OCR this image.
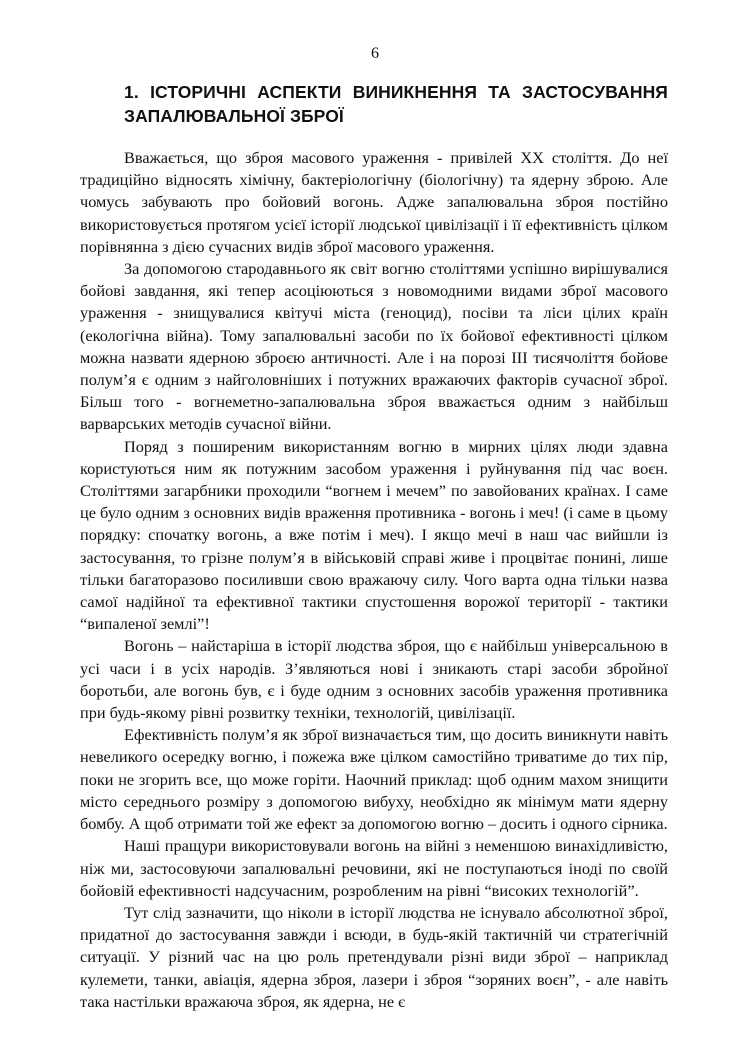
6
1. ІСТОРИЧНІ АСПЕКТИ ВИНИКНЕННЯ ТА ЗАСТОСУВАННЯ ЗАПАЛЮВАЛЬНОЇ ЗБРОЇ

Вважається, що зброя масового ураження - привілей ХХ століття. До неї традиційно відносять хімічну, бактеріологічну (біологічну) та ядерну зброю. Але чомусь забувають про бойовий вогонь. Адже запалювальна зброя постійно використовується протягом усієї історії людської цивілізації і її ефективність цілком порівнянна з дією сучасних видів зброї масового ураження.

За допомогою стародавнього як світ вогню століттями успішно вирішувалися бойові завдання, які тепер асоціюються з новомодними видами зброї масового ураження - знищувалися квітучі міста (геноцид), посіви та ліси цілих країн (екологічна війна). Тому запалювальні засоби по їх бойової ефективності цілком можна назвати ядерною зброєю античності. Але і на порозі ІІІ тисячоліття бойове полум’я є одним з найголовніших і потужних вражаючих факторів сучасної зброї. Більш того - вогнеметно-запалювальна зброя вважається одним з найбільш варварських методів сучасної війни.

Поряд з поширеним використанням вогню в мирних цілях люди здавна користуються ним як потужним засобом ураження і руйнування під час воєн. Століттями загарбники проходили “вогнем і мечем” по завойованих країнах. І саме це було одним з основних видів враження противника - вогонь і меч! (і саме в цьому порядку: спочатку вогонь, а вже потім і меч). І якщо мечі в наш час вийшли із застосування, то грізне полум’я в військовій справі живе і процвітає понині, лише тільки багаторазово посиливши свою вражаючу силу. Чого варта одна тільки назва самої надійної та ефективної тактики спустошення ворожої території - тактики “випаленої землі”!

Вогонь – найстаріша в історії людства зброя, що є найбільш універсальною в усі часи і в усіх народів. З’являються нові і зникають старі засоби збройної боротьби, але вогонь був, є і буде одним з основних засобів ураження противника при будь-якому рівні розвитку техніки, технологій, цивілізації.

Ефективність полум’я як зброї визначається тим, що досить виникнути навіть невеликого осередку вогню, і пожежа вже цілком самостійно триватиме до тих пір, поки не згорить все, що може горіти. Наочний приклад: щоб одним махом знищити місто середнього розміру з допомогою вибуху, необхідно як мінімум мати ядерну бомбу. А щоб отримати той же ефект за допомогою вогню – досить і одного сірника.

Наші пращури використовували вогонь на війні з неменшою винахідливістю, ніж ми, застосовуючи запалювальні речовини, які не поступаються іноді по своїй бойовій ефективності надсучасним, розробленим на рівні “високих технологій”.

Тут слід зазначити, що ніколи в історії людства не існувало абсолютної зброї, придатної до застосування завжди і всюди, в будь-якій тактичній чи стратегічній ситуації. У різний час на цю роль претендували різні види зброї – наприклад кулемети, танки, авіація, ядерна зброя, лазери і зброя “зоряних воєн”, - але навіть така настільки вражаюча зброя, як ядерна, не є
